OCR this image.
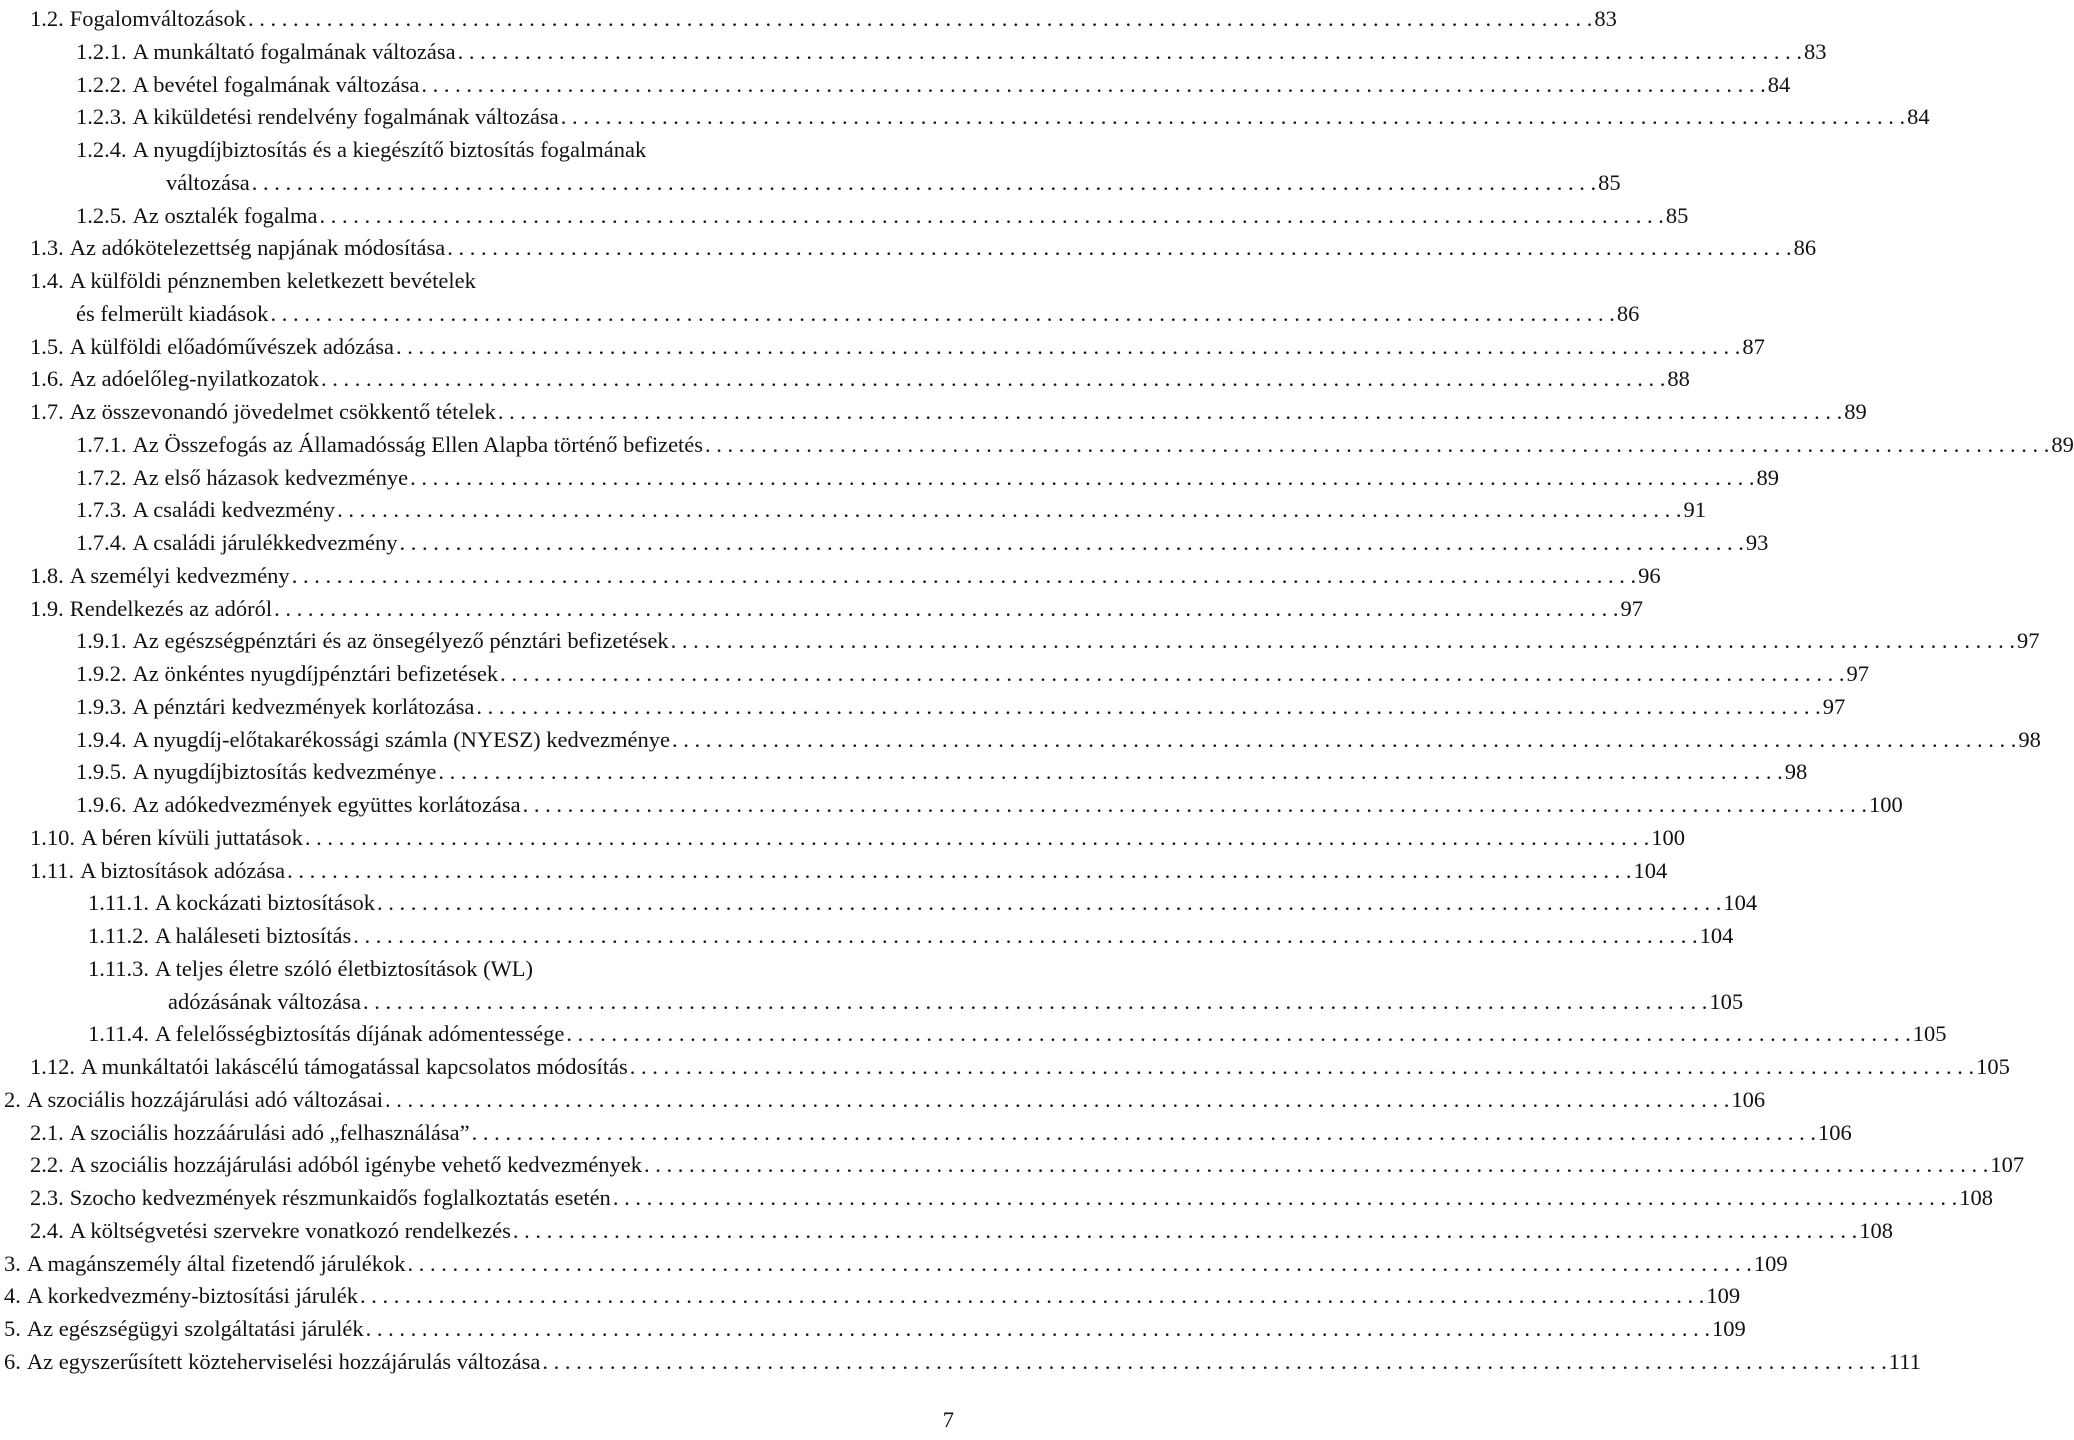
1.2. Fogalomváltozások . . .	83
1.2.1. A munkáltató fogalmának változása . . .	83
1.2.2. A bevétel fogalmának változása . . .	84
1.2.3. A kiküldetési rendelvény fogalmának változása . . .	84
1.2.4. A nyugdíjbiztosítás és a kiegészítő biztosítás fogalmának
változása . . .	85
1.2.5. Az osztalék fogalma . . .	85
1.3. Az adókötelezettség napjának módosítása . . .	86
1.4. A külföldi pénznemben keletkezett bevételek
és felmerült kiadások . . .	86
1.5. A külföldi előadóművészek adózása . . .	87
1.6. Az adóelőleg-nyilatkozatok . . .	88
1.7. Az összevonandó jövedelmet csökkentő tételek . . .	89
1.7.1. Az Összefogás az Államadósság Ellen Alapba történő befizetés . . .	89
1.7.2. Az első házasok kedvezménye . . .	89
1.7.3. A családi kedvezmény . . .	91
1.7.4. A családi járulékkedvezmény . . .	93
1.8. A személyi kedvezmény . . .	96
1.9. Rendelkezés az adóról . . .	97
1.9.1. Az egészségpénztári és az önsegélyező pénztári befizetések . . .	97
1.9.2. Az önkéntes nyugdíjpénztári befizetések . . .	97
1.9.3. A pénztári kedvezmények korlátozása . . .	97
1.9.4. A nyugdíj-előtakarékossági számla (NYESZ) kedvezménye . . .	98
1.9.5. A nyugdíjbiztosítás kedvezménye . . .	98
1.9.6. Az adókedvezmények együttes korlátozása . . .	100
1.10. A béren kívüli juttatások . . .	100
1.11. A biztosítások adózása . . .	104
1.11.1. A kockázati biztosítások . . .	104
1.11.2. A haláleseti biztosítás . . .	104
1.11.3. A teljes életre szóló életbiztosítások (WL)
adózásának változása . . .	105
1.11.4. A felelősségbiztosítás díjának adómentessége . . .	105
1.12. A munkáltatói lakáscélú támogatással kapcsolatos módosítás . . .	105
2. A szociális hozzájárulási adó változásai . . .	106
2.1. A szociális hozzáárulási adó „felhasználása” . . .	106
2.2. A szociális hozzájárulási adóból igénybe vehető kedvezmények . . .	107
2.3. Szocho kedvezmények részmunkaidős foglalkoztatás esetén . . .	108
2.4. A költségvetési szervekre vonatkozó rendelkezés . . .	108
3. A magánszemély által fizetendő járulékok . . .	109
4. A korkedvezmény-biztosítási járulék . . .	109
5. Az egészségügyi szolgáltatási járulék . . .	109
6. Az egyszerűsített közteherviselési hozzájárulás változása . . .	111
7
